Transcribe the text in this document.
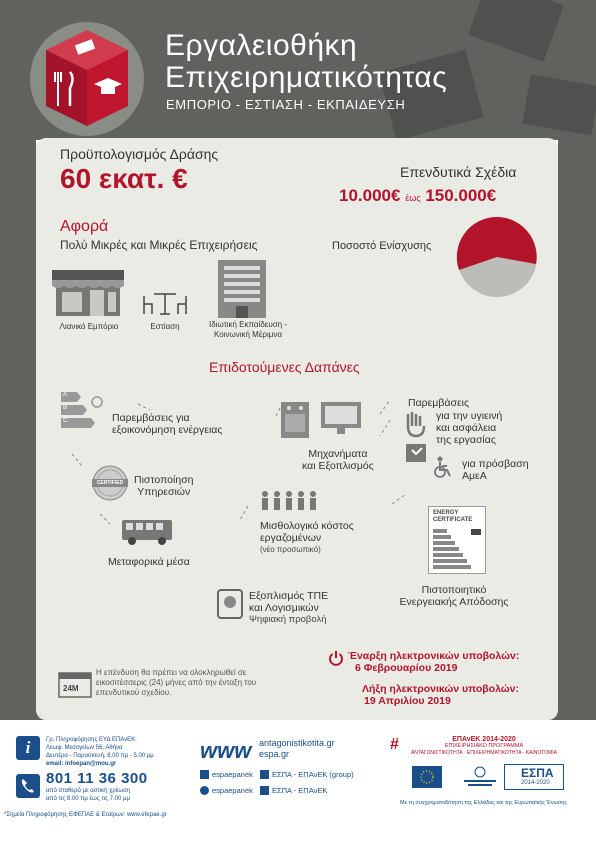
Εργαλειοθήκη
Επιχειρηματικότητας
ΕΜΠΟΡΙΟ - ΕΣΤΙΑΣΗ - ΕΚΠΑΙΔΕΥΣΗ
Προϋπολογισμός Δράσης
60 εκατ. €	Επενδυτικά Σχέδια
10.000€ έως 150.000€
Αφορά
Πολύ Μικρές και Μικρές Επιχειρήσεις	Ποσοστό Ενίσχυσης
Λιανικό Εμπόριο	Εστίαση	Ιδιωτική Εκπαίδευση -
Κοινωνική Μέριμνα
Επιδοτούμενες Δαπάνες
A
B
C	Παρεμβάσεις για
εξοικονόμηση ενέργειας
Μηχανήματα
και Εξοπλισμός
Παρεμβάσεις
για την υγιεινή
και ασφάλεια
της εργασίας
για πρόσβαση
ΑμεΑ
CERTIFIED Πιστοποίηση
Υπηρεσιών
Μεταφορικά μέσα
Μισθολογικό κόστος
εργαζομένων
(νέο προσωπικό)
ENERGY
CERTIFICATE
Πιστοποιητικό
Ενεργειακής Απόδοσης
Εξοπλισμός ΤΠΕ
και Λογισμικών
Ψηφιακή προβολή
Έναρξη ηλεκτρονικών υποβολών:
6 Φεβρουαρίου 2019
Λήξη ηλεκτρονικών υποβολών:
19 Απριλίου 2019
24M
Η επένδυση θα πρέπει να ολοκληρωθεί σε εικοσιτέσσερις (24) μήνες από την ένταξη του επενδυτικού σχεδίου.
i	Γρ. Πληροφόρησης ΕΥΔ ΕΠΑνΕΚ:
Λεωφ. Μεσογείων 56, Αθήνα
Δευτέρα - Παρασκευή, 8.00 πμ - 5.00 μμ
email: infoepan@mou.gr
801 11 36 300
από σταθερό με αστική χρέωση
από τις 8.00 πμ έως τις 7.00 μμ
*Σημεία Πληροφόρησης ΕΦΕΠΑΕ & Εταίρων: www.efepae.gr
www antagonistikotita.gr
espa.gr
espaepanek	ΕΣΠΑ - ΕΠΑνΕΚ (group)
espaepanek	ΕΣΠΑ - ΕΠΑνΕΚ
#	ΕΠΑνΕΚ 2014-2020
ΕΠΙΧΕΙΡΗΣΙΑΚΟ ΠΡΟΓΡΑΜΜΑ
ΑΝΤΑΓΩΝΙΣΤΙΚΟΤΗΤΑ · ΕΠΙΧΕΙΡΗΜΑΤΙΚΟΤΗΤΑ · ΚΑΙΝΟΤΟΜΙΑ
ΕΣΠΑ
2014-2020
Με τη συγχρηματοδότηση της Ελλάδας και της Ευρωπαϊκής Ένωσης
